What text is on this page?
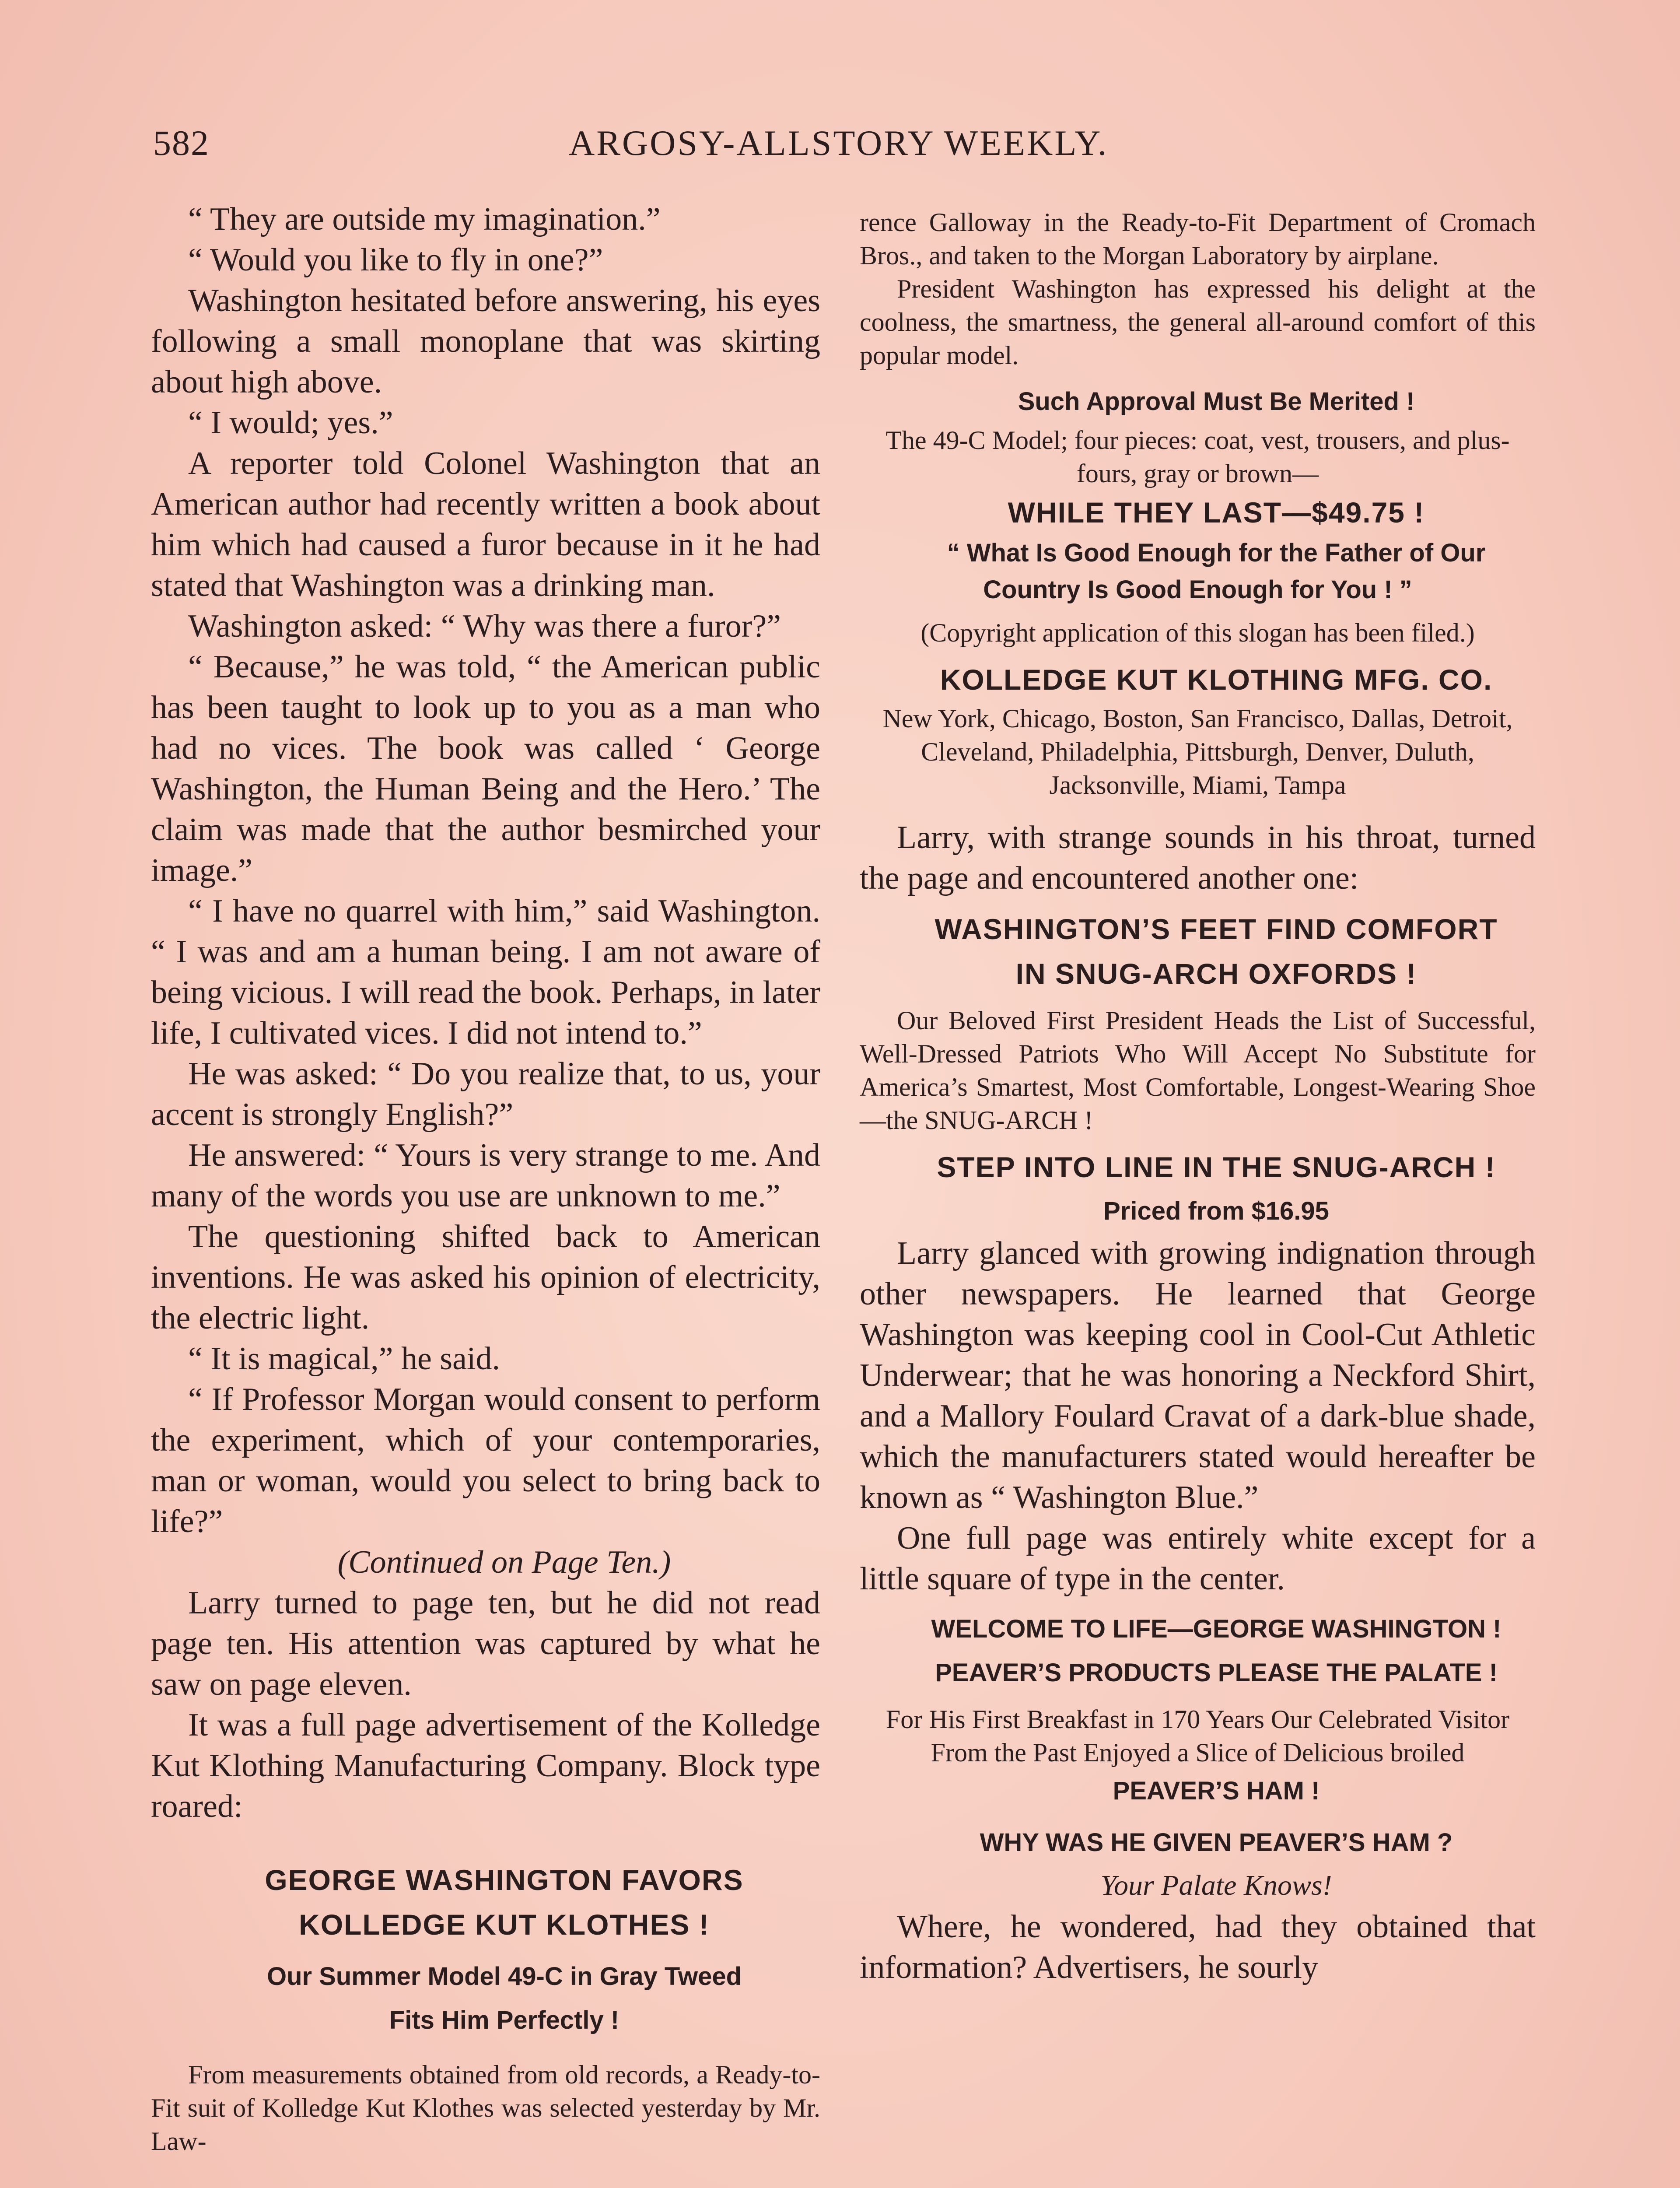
582	ARGOSY-ALLSTORY WEEKLY.

“ They are outside my imagination.”

“ Would you like to fly in one?”

Washington hesitated before answering, his eyes following a small monoplane that was skirting about high above.

“ I would; yes.”

A reporter told Colonel Washington that an American author had recently written a book about him which had caused a furor because in it he had stated that Washington was a drinking man.

Washington asked: “ Why was there a furor?”

“ Because,” he was told, “ the American public has been taught to look up to you as a man who had no vices. The book was called ‘ George Washington, the Human Being and the Hero.’ The claim was made that the author besmirched your image.”

“ I have no quarrel with him,” said Washington. “ I was and am a human being. I am not aware of being vicious. I will read the book. Perhaps, in later life, I cultivated vices. I did not intend to.”

He was asked: “ Do you realize that, to us, your accent is strongly English?”

He answered: “ Yours is very strange to me. And many of the words you use are unknown to me.”

The questioning shifted back to American inventions. He was asked his opinion of electricity, the electric light.

“ It is magical,” he said.

“ If Professor Morgan would consent to perform the experiment, which of your contemporaries, man or woman, would you select to bring back to life?”

(Continued on Page Ten.)

Larry turned to page ten, but he did not read page ten. His attention was captured by what he saw on page eleven.

It was a full page advertisement of the Kolledge Kut Klothing Manufacturing Company. Block type roared:

GEORGE WASHINGTON FAVORS

KOLLEDGE KUT KLOTHES !

Our Summer Model 49-C in Gray Tweed

Fits Him Perfectly !

From measurements obtained from old records, a Ready-to-Fit suit of Kolledge Kut Klothes was selected yesterday by Mr. Law-

rence Galloway in the Ready-to-Fit Department of Cromach Bros., and taken to the Morgan Laboratory by airplane.

President Washington has expressed his delight at the coolness, the smartness, the general all-around comfort of this popular model.

Such Approval Must Be Merited !

The 49-C Model; four pieces: coat, vest, trousers, and plus-fours, gray or brown—

WHILE THEY LAST—$49.75 !

“ What Is Good Enough for the Father of Our Country Is Good Enough for You ! ”

(Copyright application of this slogan has been filed.)

KOLLEDGE KUT KLOTHING MFG. CO.

New York, Chicago, Boston, San Francisco, Dallas, Detroit, Cleveland, Philadelphia, Pittsburgh, Denver, Duluth, Jacksonville, Miami, Tampa

Larry, with strange sounds in his throat, turned the page and encountered another one:

WASHINGTON’S FEET FIND COMFORT

IN SNUG-ARCH OXFORDS !

Our Beloved First President Heads the List of Successful, Well-Dressed Patriots Who Will Accept No Substitute for America’s Smartest, Most Comfortable, Longest-Wearing Shoe—the SNUG-ARCH !

STEP INTO LINE IN THE SNUG-ARCH !

Priced from $16.95

Larry glanced with growing indignation through other newspapers. He learned that George Washington was keeping cool in Cool-Cut Athletic Underwear; that he was honoring a Neckford Shirt, and a Mallory Foulard Cravat of a dark-blue shade, which the manufacturers stated would hereafter be known as “ Washington Blue.”

One full page was entirely white except for a little square of type in the center.

WELCOME TO LIFE—GEORGE WASHINGTON !

PEAVER’S PRODUCTS PLEASE THE PALATE !

For His First Breakfast in 170 Years Our Celebrated Visitor From the Past Enjoyed a Slice of Delicious broiled

PEAVER’S HAM !

WHY WAS HE GIVEN PEAVER’S HAM ?

Your Palate Knows!

Where, he wondered, had they obtained that information? Advertisers, he sourly
